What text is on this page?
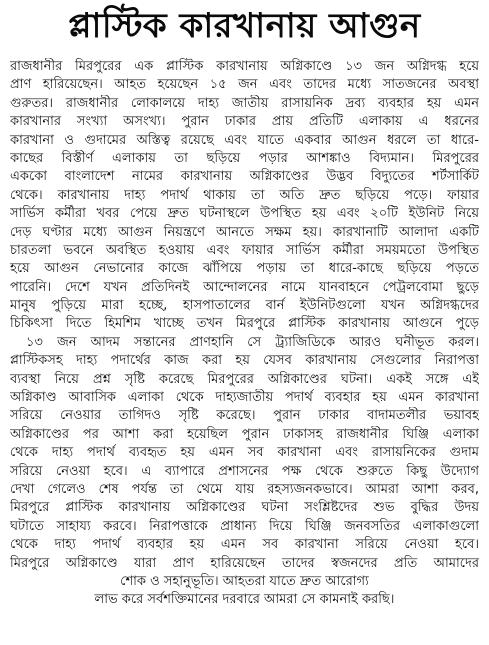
প্লাস্টিক কারখানায় আগুন
রাজধানীর মিরপুরের এক প্লাস্টিক কারখানায় অগ্নিকাণ্ডে ১৩ জন অগ্নিদগ্ধ হয়ে
প্রাণ হারিয়েছেন। আহত হয়েছেন ১৫ জন এবং তাদের মধ্যে সাতজনের অবস্থা
গুরুতর। রাজধানীর লোকালয়ে দাহ্য জাতীয় রাসায়নিক দ্রব্য ব্যবহার হয় এমন
কারখানার সংখ্যা অসংখ্য। পুরান ঢাকার প্রায় প্রতিটি এলাকায় এ ধরনের
কারখানা ও গুদামের অস্তিত্ব রয়েছে এবং যাতে একবার আগুন ধরলে তা ধারে-
কাছের বিস্তীর্ণ এলাকায় তা ছড়িয়ে পড়ার আশঙ্কাও বিদ্যমান। মিরপুরের
এককো বাংলাদেশ নামের কারখানায় অগ্নিকাণ্ডের উদ্ভব বিদ্যুতের শর্টসার্কিট
থেকে। কারখানায় দাহ্য পদার্থ থাকায় তা অতি দ্রুত ছড়িয়ে পড়ে। ফায়ার
সার্ভিস কর্মীরা খবর পেয়ে দ্রুত ঘটনাস্থলে উপস্থিত হয় এবং ২০টি ইউনিট নিয়ে
দেড় ঘণ্টার মধ্যে আগুন নিয়ন্ত্রণে আনতে সক্ষম হয়। কারখানাটি আলাদা একটি
চারতলা ভবনে অবস্থিত হওয়ায় এবং ফায়ার সার্ভিস কর্মীরা সময়মতো উপস্থিত
হয়ে আগুন নেভানোর কাজে ঝাঁপিয়ে পড়ায় তা ধারে-কাছে ছড়িয়ে পড়তে
পারেনি। দেশে যখন প্রতিদিনই আন্দোলনের নামে যানবাহনে পেট্রলবোমা ছুড়ে
মানুষ পুড়িয়ে মারা হচ্ছে, হাসপাতালের বার্ন ইউনিটগুলো যখন অগ্নিদগ্ধদের
চিকিৎসা দিতে হিমশিম খাচ্ছে তখন মিরপুরে প্লাস্টিক কারখানায় আগুনে পুড়ে
১৩ জন আদম সন্তানের প্রাণহানি সে ট্র্যাজিডিকে আরও ঘনীভূত করল।
প্লাস্টিকসহ দাহ্য পদার্থের কাজ করা হয় যেসব কারখানায় সেগুলোর নিরাপত্তা
ব্যবস্থা নিয়ে প্রশ্ন সৃষ্টি করেছে মিরপুরের অগ্নিকাণ্ডের ঘটনা। একই সঙ্গে এই
অগ্নিকাণ্ড আবাসিক এলাকা থেকে দাহ্যজাতীয় পদার্থ ব্যবহার হয় এমন কারখানা
সরিয়ে নেওয়ার তাগিদও সৃষ্টি করেছে। পুরান ঢাকার বাদামতলীর ভয়াবহ
অগ্নিকাণ্ডের পর আশা করা হয়েছিল পুরান ঢাকাসহ রাজধানীর ঘিঞ্জি এলাকা
থেকে দাহ্য পদার্থ ব্যবহৃত হয় এমন সব কারখানা এবং রাসায়নিকের গুদাম
সরিয়ে নেওয়া হবে। এ ব্যাপারে প্রশাসনের পক্ষ থেকে শুরুতে কিছু উদ্যোগ
দেখা গেলেও শেষ পর্যন্ত তা থেমে যায় রহস্যজনকভাবে। আমরা আশা করব,
মিরপুরে প্লাস্টিক কারখানায় অগ্নিকাণ্ডের ঘটনা সংশ্লিষ্টদের শুভ বুদ্ধির উদয়
ঘটাতে সাহায্য করবে। নিরাপত্তাকে প্রাধান্য দিয়ে ঘিঞ্জি জনবসতির এলাকাগুলো
থেকে দাহ্য পদার্থ ব্যবহার হয় এমন সব কারখানা সরিয়ে নেওয়া হবে।
মিরপুরে অগ্নিকাণ্ডে যারা প্রাণ হারিয়েছেন তাদের স্বজনদের প্রতি আমাদের
শোক ও সহানুভূতি। আহতরা যাতে দ্রুত আরোগ্য
লাভ করে সর্বশক্তিমানের দরবারে আমরা সে কামনাই করছি।
